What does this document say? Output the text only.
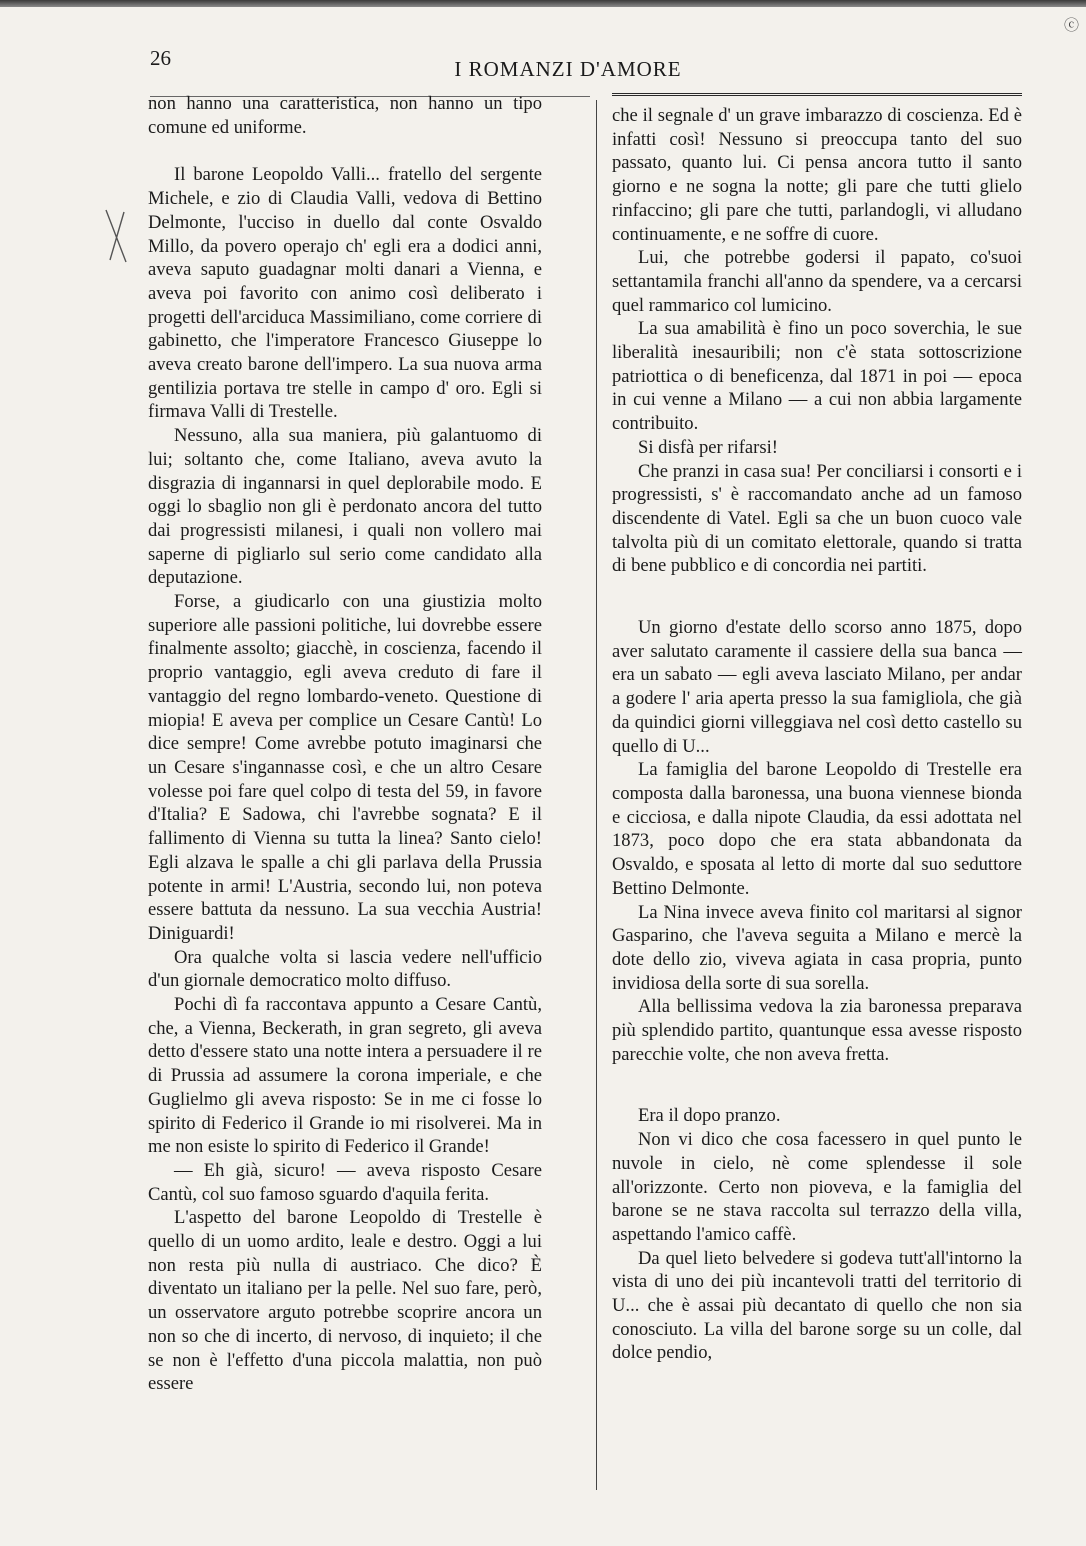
ⓒ
26	I ROMANZI D'AMORE

non hanno una caratteristica, non hanno un tipo comune ed uniforme.

Il barone Leopoldo Valli... fratello del sergente Michele, e zio di Claudia Valli, vedova di Bettino Delmonte, l'ucciso in duello dal conte Osvaldo Millo, da povero operajo ch' egli era a dodici anni, aveva saputo guadagnar molti danari a Vienna, e aveva poi favorito con animo così deliberato i progetti dell'arciduca Massimiliano, come corriere di gabinetto, che l'imperatore Francesco Giuseppe lo aveva creato barone dell'impero. La sua nuova arma gentilizia portava tre stelle in campo d' oro. Egli si firmava Valli di Trestelle.

Nessuno, alla sua maniera, più galantuomo di lui; soltanto che, come Italiano, aveva avuto la disgrazia di ingannarsi in quel deplorabile modo. E oggi lo sbaglio non gli è perdonato ancora del tutto dai progressisti milanesi, i quali non vollero mai saperne di pigliarlo sul serio come candidato alla deputazione.

Forse, a giudicarlo con una giustizia molto superiore alle passioni politiche, lui dovrebbe essere finalmente assolto; giacchè, in coscienza, facendo il proprio vantaggio, egli aveva creduto di fare il vantaggio del regno lombardo-veneto. Questione di miopia! E aveva per complice un Cesare Cantù! Lo dice sempre! Come avrebbe potuto imaginarsi che un Cesare s'ingannasse così, e che un altro Cesare volesse poi fare quel colpo di testa del 59, in favore d'Italia? E Sadowa, chi l'avrebbe sognata? E il fallimento di Vienna su tutta la linea? Santo cielo! Egli alzava le spalle a chi gli parlava della Prussia potente in armi! L'Austria, secondo lui, non poteva essere battuta da nessuno. La sua vecchia Austria! Diniguardi!

Ora qualche volta si lascia vedere nell'ufficio d'un giornale democratico molto diffuso.

Pochi dì fa raccontava appunto a Cesare Cantù, che, a Vienna, Beckerath, in gran segreto, gli aveva detto d'essere stato una notte intera a persuadere il re di Prussia ad assumere la corona imperiale, e che Guglielmo gli aveva risposto: Se in me ci fosse lo spirito di Federico il Grande io mi risolverei. Ma in me non esiste lo spirito di Federico il Grande!

— Eh già, sicuro! — aveva risposto Cesare Cantù, col suo famoso sguardo d'aquila ferita.

L'aspetto del barone Leopoldo di Trestelle è quello di un uomo ardito, leale e destro. Oggi a lui non resta più nulla di austriaco. Che dico? È diventato un italiano per la pelle. Nel suo fare, però, un osservatore arguto potrebbe scoprire ancora un non so che di incerto, di nervoso, di inquieto; il che se non è l'effetto d'una piccola malattia, non può essere

che il segnale d' un grave imbarazzo di coscienza. Ed è infatti così! Nessuno si preoccupa tanto del suo passato, quanto lui. Ci pensa ancora tutto il santo giorno e ne sogna la notte; gli pare che tutti glielo rinfaccino; gli pare che tutti, parlandogli, vi alludano continuamente, e ne soffre di cuore.

Lui, che potrebbe godersi il papato, co'suoi settantamila franchi all'anno da spendere, va a cercarsi quel rammarico col lumicino.

La sua amabilità è fino un poco soverchia, le sue liberalità inesauribili; non c'è stata sottoscrizione patriottica o di beneficenza, dal 1871 in poi — epoca in cui venne a Milano — a cui non abbia largamente contribuito.

Si disfà per rifarsi!

Che pranzi in casa sua! Per conciliarsi i consorti e i progressisti, s' è raccomandato anche ad un famoso discendente di Vatel. Egli sa che un buon cuoco vale talvolta più di un comitato elettorale, quando si tratta di bene pubblico e di concordia nei partiti.

Un giorno d'estate dello scorso anno 1875, dopo aver salutato caramente il cassiere della sua banca — era un sabato — egli aveva lasciato Milano, per andar a godere l' aria aperta presso la sua famigliola, che già da quindici giorni villeggiava nel così detto castello su quello di U...

La famiglia del barone Leopoldo di Trestelle era composta dalla baronessa, una buona viennese bionda e cicciosa, e dalla nipote Claudia, da essi adottata nel 1873, poco dopo che era stata abbandonata da Osvaldo, e sposata al letto di morte dal suo seduttore Bettino Delmonte.

La Nina invece aveva finito col maritarsi al signor Gasparino, che l'aveva seguita a Milano e mercè la dote dello zio, viveva agiata in casa propria, punto invidiosa della sorte di sua sorella.

Alla bellissima vedova la zia baronessa preparava più splendido partito, quantunque essa avesse risposto parecchie volte, che non aveva fretta.

Era il dopo pranzo.

Non vi dico che cosa facessero in quel punto le nuvole in cielo, nè come splendesse il sole all'orizzonte. Certo non pioveva, e la famiglia del barone se ne stava raccolta sul terrazzo della villa, aspettando l'amico caffè.

Da quel lieto belvedere si godeva tutt'all'intorno la vista di uno dei più incantevoli tratti del territorio di U... che è assai più decantato di quello che non sia conosciuto. La villa del barone sorge su un colle, dal dolce pendio,
